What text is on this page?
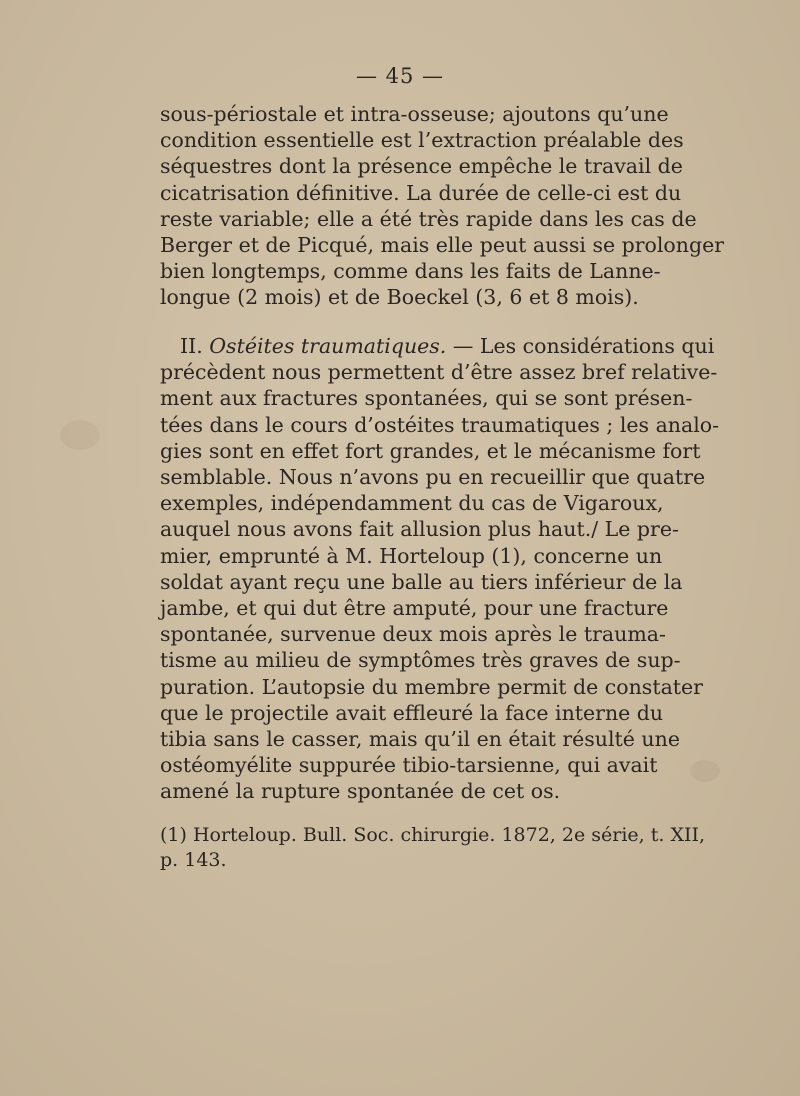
— 45 —
sous-périostale et intra-osseuse; ajoutons qu’une
condition essentielle est l’extraction préalable des
séquestres dont la présence empêche le travail de
cicatrisation définitive. La durée de celle-ci est du
reste variable; elle a été très rapide dans les cas de
Berger et de Picqué, mais elle peut aussi se prolonger
bien longtemps, comme dans les faits de Lanne-
longue (2 mois) et de Boeckel (3, 6 et 8 mois).
II. Ostéites traumatiques. — Les considérations qui
précèdent nous permettent d’être assez bref relative-
ment aux fractures spontanées, qui se sont présen-
tées dans le cours d’ostéites traumatiques ; les analo-
gies sont en effet fort grandes, et le mécanisme fort
semblable. Nous n’avons pu en recueillir que quatre
exemples, indépendamment du cas de Vigaroux,
auquel nous avons fait allusion plus haut./ Le pre-
mier, emprunté à M. Horteloup (1), concerne un
soldat ayant reçu une balle au tiers inférieur de la
jambe, et qui dut être amputé, pour une fracture
spontanée, survenue deux mois après le trauma-
tisme au milieu de symptômes très graves de sup-
puration. L’autopsie du membre permit de constater
que le projectile avait effleuré la face interne du
tibia sans le casser, mais qu’il en était résulté une
ostéomyélite suppurée tibio-tarsienne, qui avait
amené la rupture spontanée de cet os.
(1) Horteloup. Bull. Soc. chirurgie. 1872, 2e série, t. XII,
p. 143.
